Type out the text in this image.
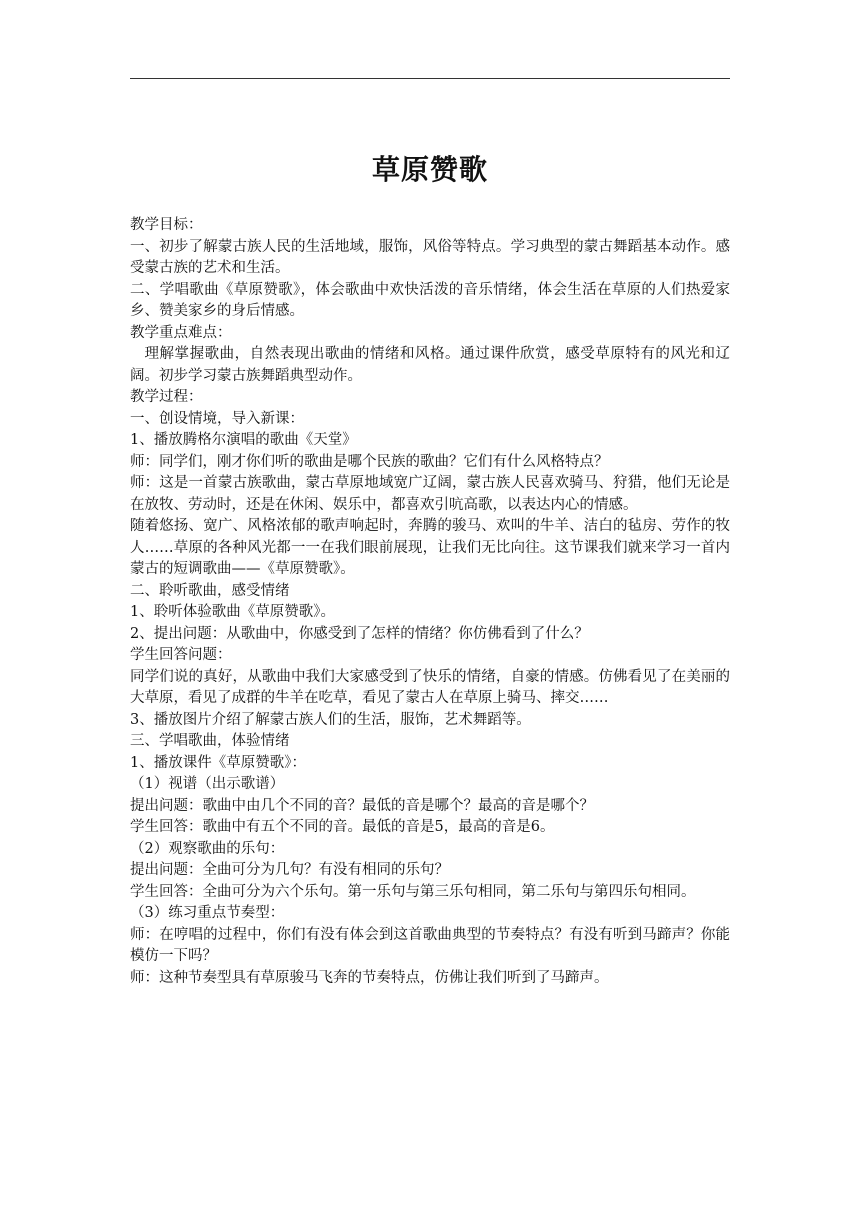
草原赞歌

教学目标：

一、初步了解蒙古族人民的生活地域，服饰，风俗等特点。学习典型的蒙古舞蹈基本动作。感受蒙古族的艺术和生活。

二、学唱歌曲《草原赞歌》，体会歌曲中欢快活泼的音乐情绪，体会生活在草原的人们热爱家乡、赞美家乡的身后情感。

教学重点难点：

理解掌握歌曲，自然表现出歌曲的情绪和风格。通过课件欣赏，感受草原特有的风光和辽阔。初步学习蒙古族舞蹈典型动作。

教学过程：

一、创设情境，导入新课：

1、播放腾格尔演唱的歌曲《天堂》

师：同学们，刚才你们听的歌曲是哪个民族的歌曲？它们有什么风格特点？

师：这是一首蒙古族歌曲，蒙古草原地域宽广辽阔，蒙古族人民喜欢骑马、狩猎，他们无论是在放牧、劳动时，还是在休闲、娱乐中，都喜欢引吭高歌，以表达内心的情感。

随着悠扬、宽广、风格浓郁的歌声响起时，奔腾的骏马、欢叫的牛羊、洁白的毡房、劳作的牧人……草原的各种风光都一一在我们眼前展现，让我们无比向往。这节课我们就来学习一首内蒙古的短调歌曲——《草原赞歌》。

二、聆听歌曲，感受情绪

1、聆听体验歌曲《草原赞歌》。

2、提出问题：从歌曲中，你感受到了怎样的情绪？你仿佛看到了什么？

学生回答问题：

同学们说的真好，从歌曲中我们大家感受到了快乐的情绪，自豪的情感。仿佛看见了在美丽的大草原，看见了成群的牛羊在吃草，看见了蒙古人在草原上骑马、摔交……

3、播放图片介绍了解蒙古族人们的生活，服饰，艺术舞蹈等。

三、学唱歌曲，体验情绪

1、播放课件《草原赞歌》：

（1）视谱（出示歌谱）

提出问题：歌曲中由几个不同的音？最低的音是哪个？最高的音是哪个？

学生回答：歌曲中有五个不同的音。最低的音是5，最高的音是6。

（2）观察歌曲的乐句：

提出问题：全曲可分为几句？有没有相同的乐句？

学生回答：全曲可分为六个乐句。第一乐句与第三乐句相同，第二乐句与第四乐句相同。

（3）练习重点节奏型：

师：在哼唱的过程中，你们有没有体会到这首歌曲典型的节奏特点？有没有听到马蹄声？你能模仿一下吗？

师：这种节奏型具有草原骏马飞奔的节奏特点，仿佛让我们听到了马蹄声。
